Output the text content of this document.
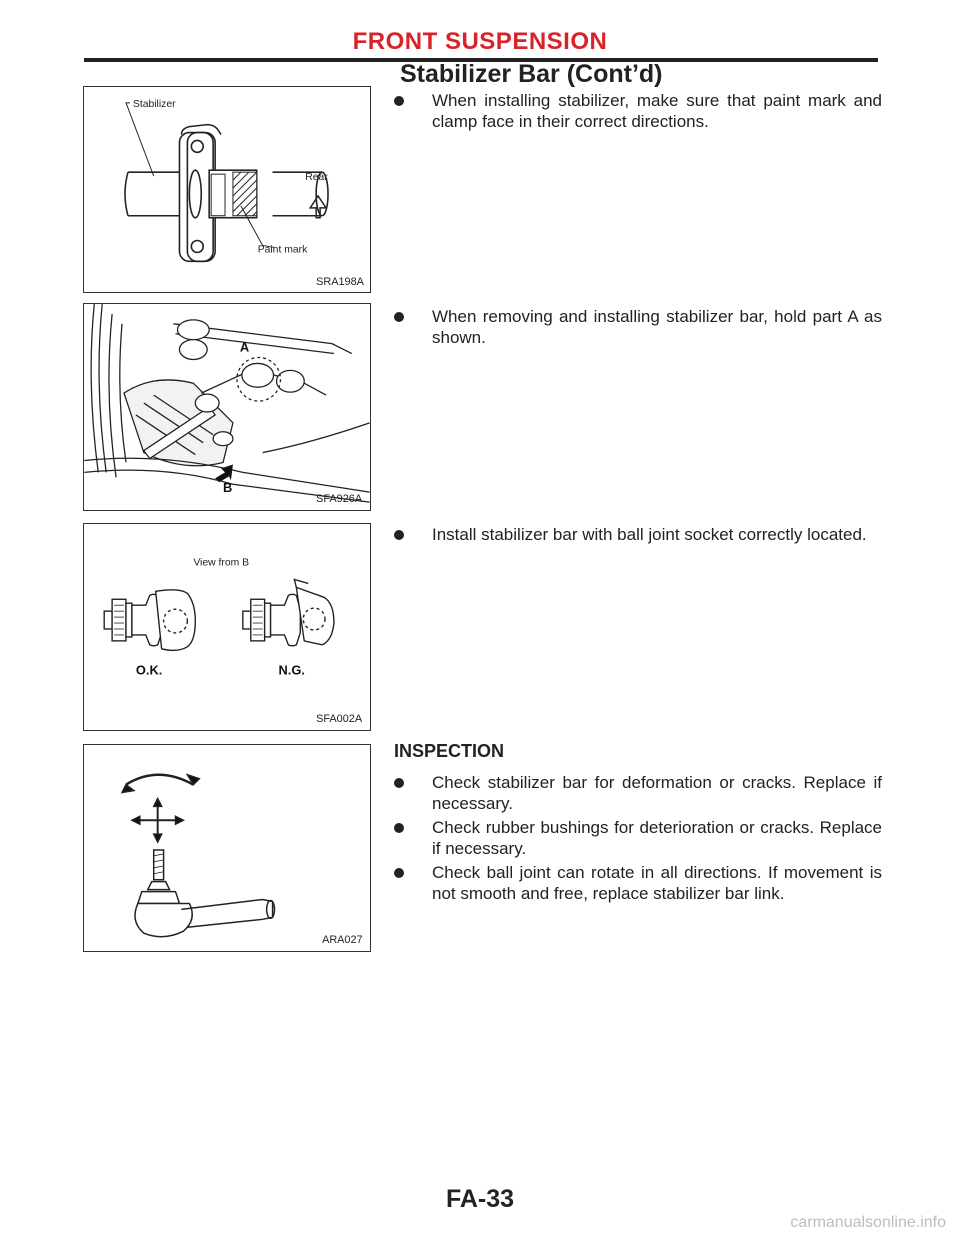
FRONT SUSPENSION
Stabilizer Bar (Cont’d)
Stabilizer
Rear
Paint mark
SRA198A
When installing stabilizer, make sure that paint mark and clamp face in their correct directions.
A
B
SFA926A
When removing and installing stabilizer bar, hold part A as shown.
View from B
O.K.	N.G.
SFA002A
Install stabilizer bar with ball joint socket correctly located.
ARA027
INSPECTION
Check stabilizer bar for deformation or cracks. Replace if necessary.
Check rubber bushings for deterioration or cracks. Replace if necessary.
Check ball joint can rotate in all directions. If movement is not smooth and free, replace stabilizer bar link.
FA-33
carmanualsonline.info
